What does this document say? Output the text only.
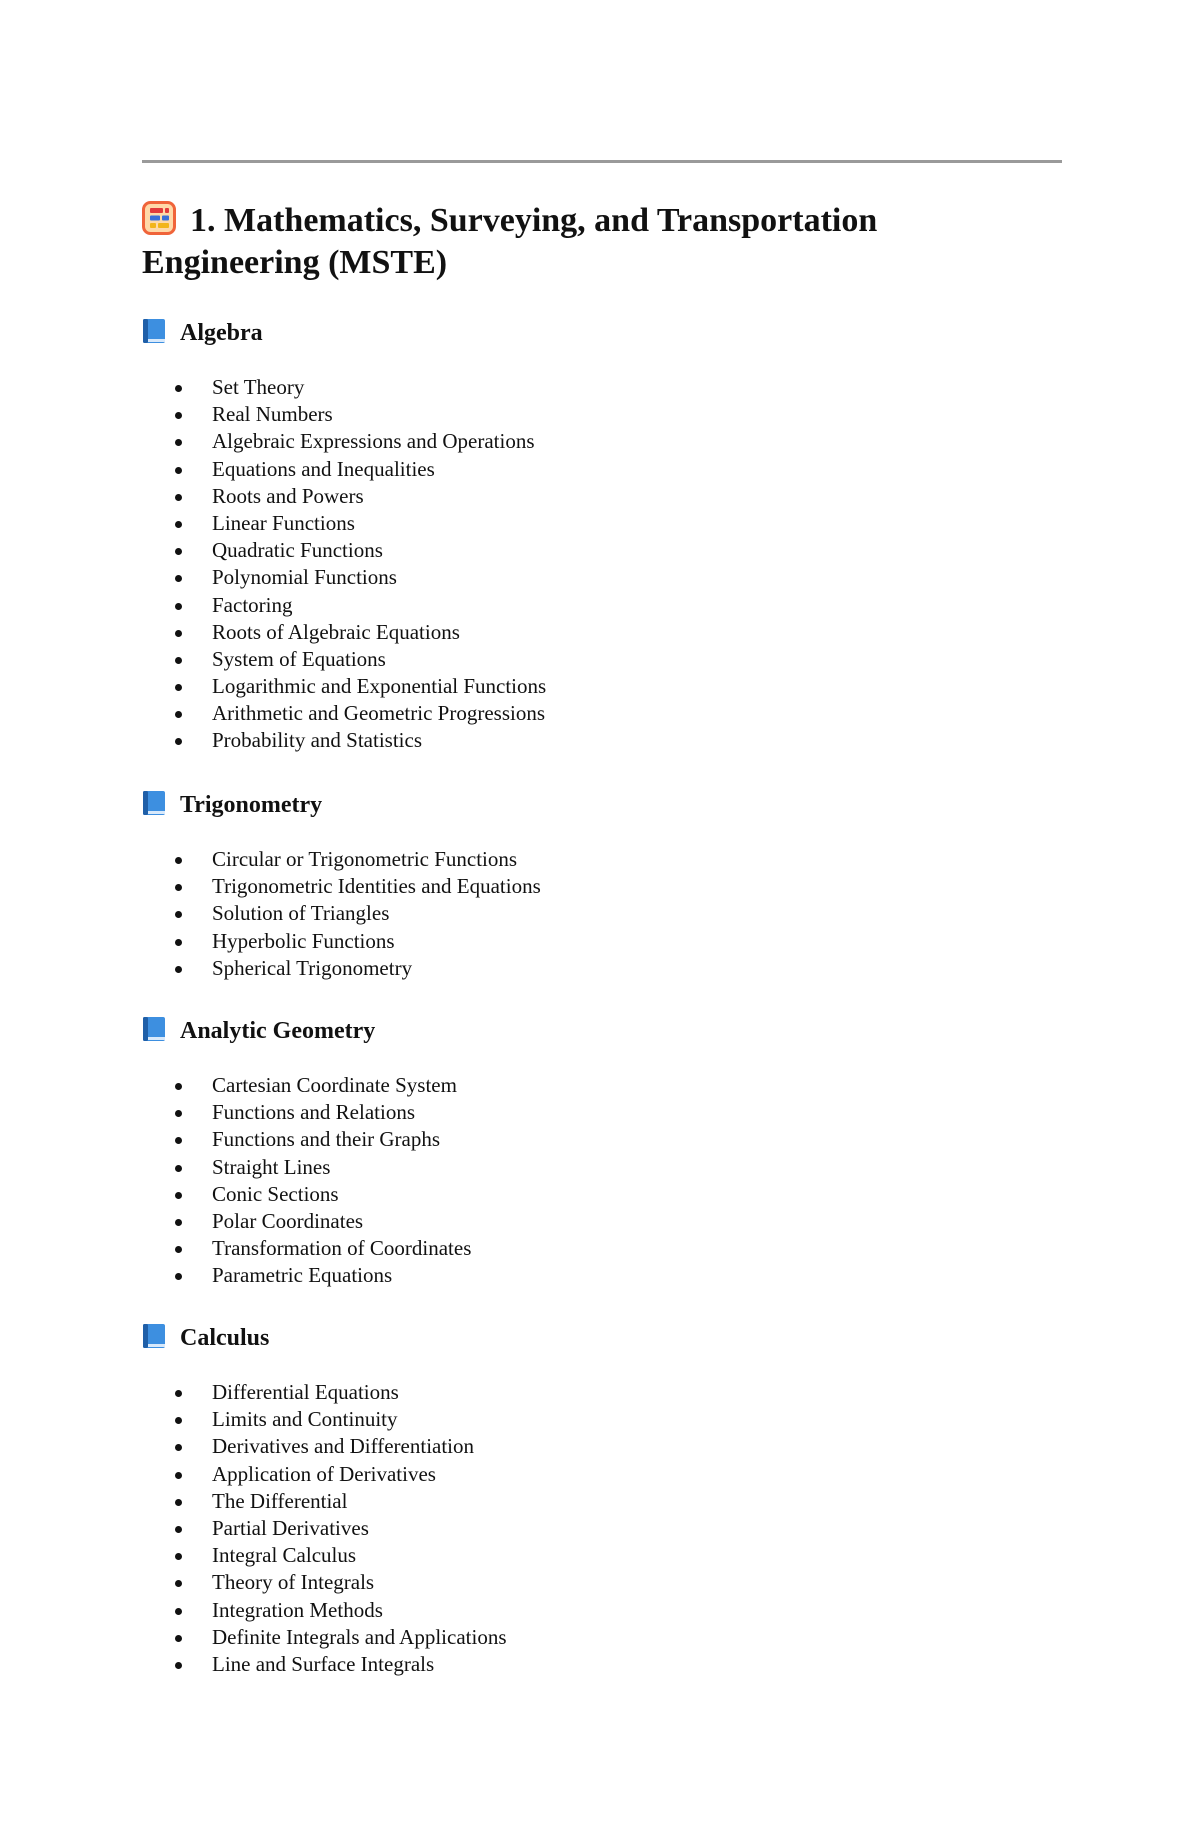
1. Mathematics, Surveying, and Transportation Engineering (MSTE)
Algebra
Set Theory
Real Numbers
Algebraic Expressions and Operations
Equations and Inequalities
Roots and Powers
Linear Functions
Quadratic Functions
Polynomial Functions
Factoring
Roots of Algebraic Equations
System of Equations
Logarithmic and Exponential Functions
Arithmetic and Geometric Progressions
Probability and Statistics
Trigonometry
Circular or Trigonometric Functions
Trigonometric Identities and Equations
Solution of Triangles
Hyperbolic Functions
Spherical Trigonometry
Analytic Geometry
Cartesian Coordinate System
Functions and Relations
Functions and their Graphs
Straight Lines
Conic Sections
Polar Coordinates
Transformation of Coordinates
Parametric Equations
Calculus
Differential Equations
Limits and Continuity
Derivatives and Differentiation
Application of Derivatives
The Differential
Partial Derivatives
Integral Calculus
Theory of Integrals
Integration Methods
Definite Integrals and Applications
Line and Surface Integrals
